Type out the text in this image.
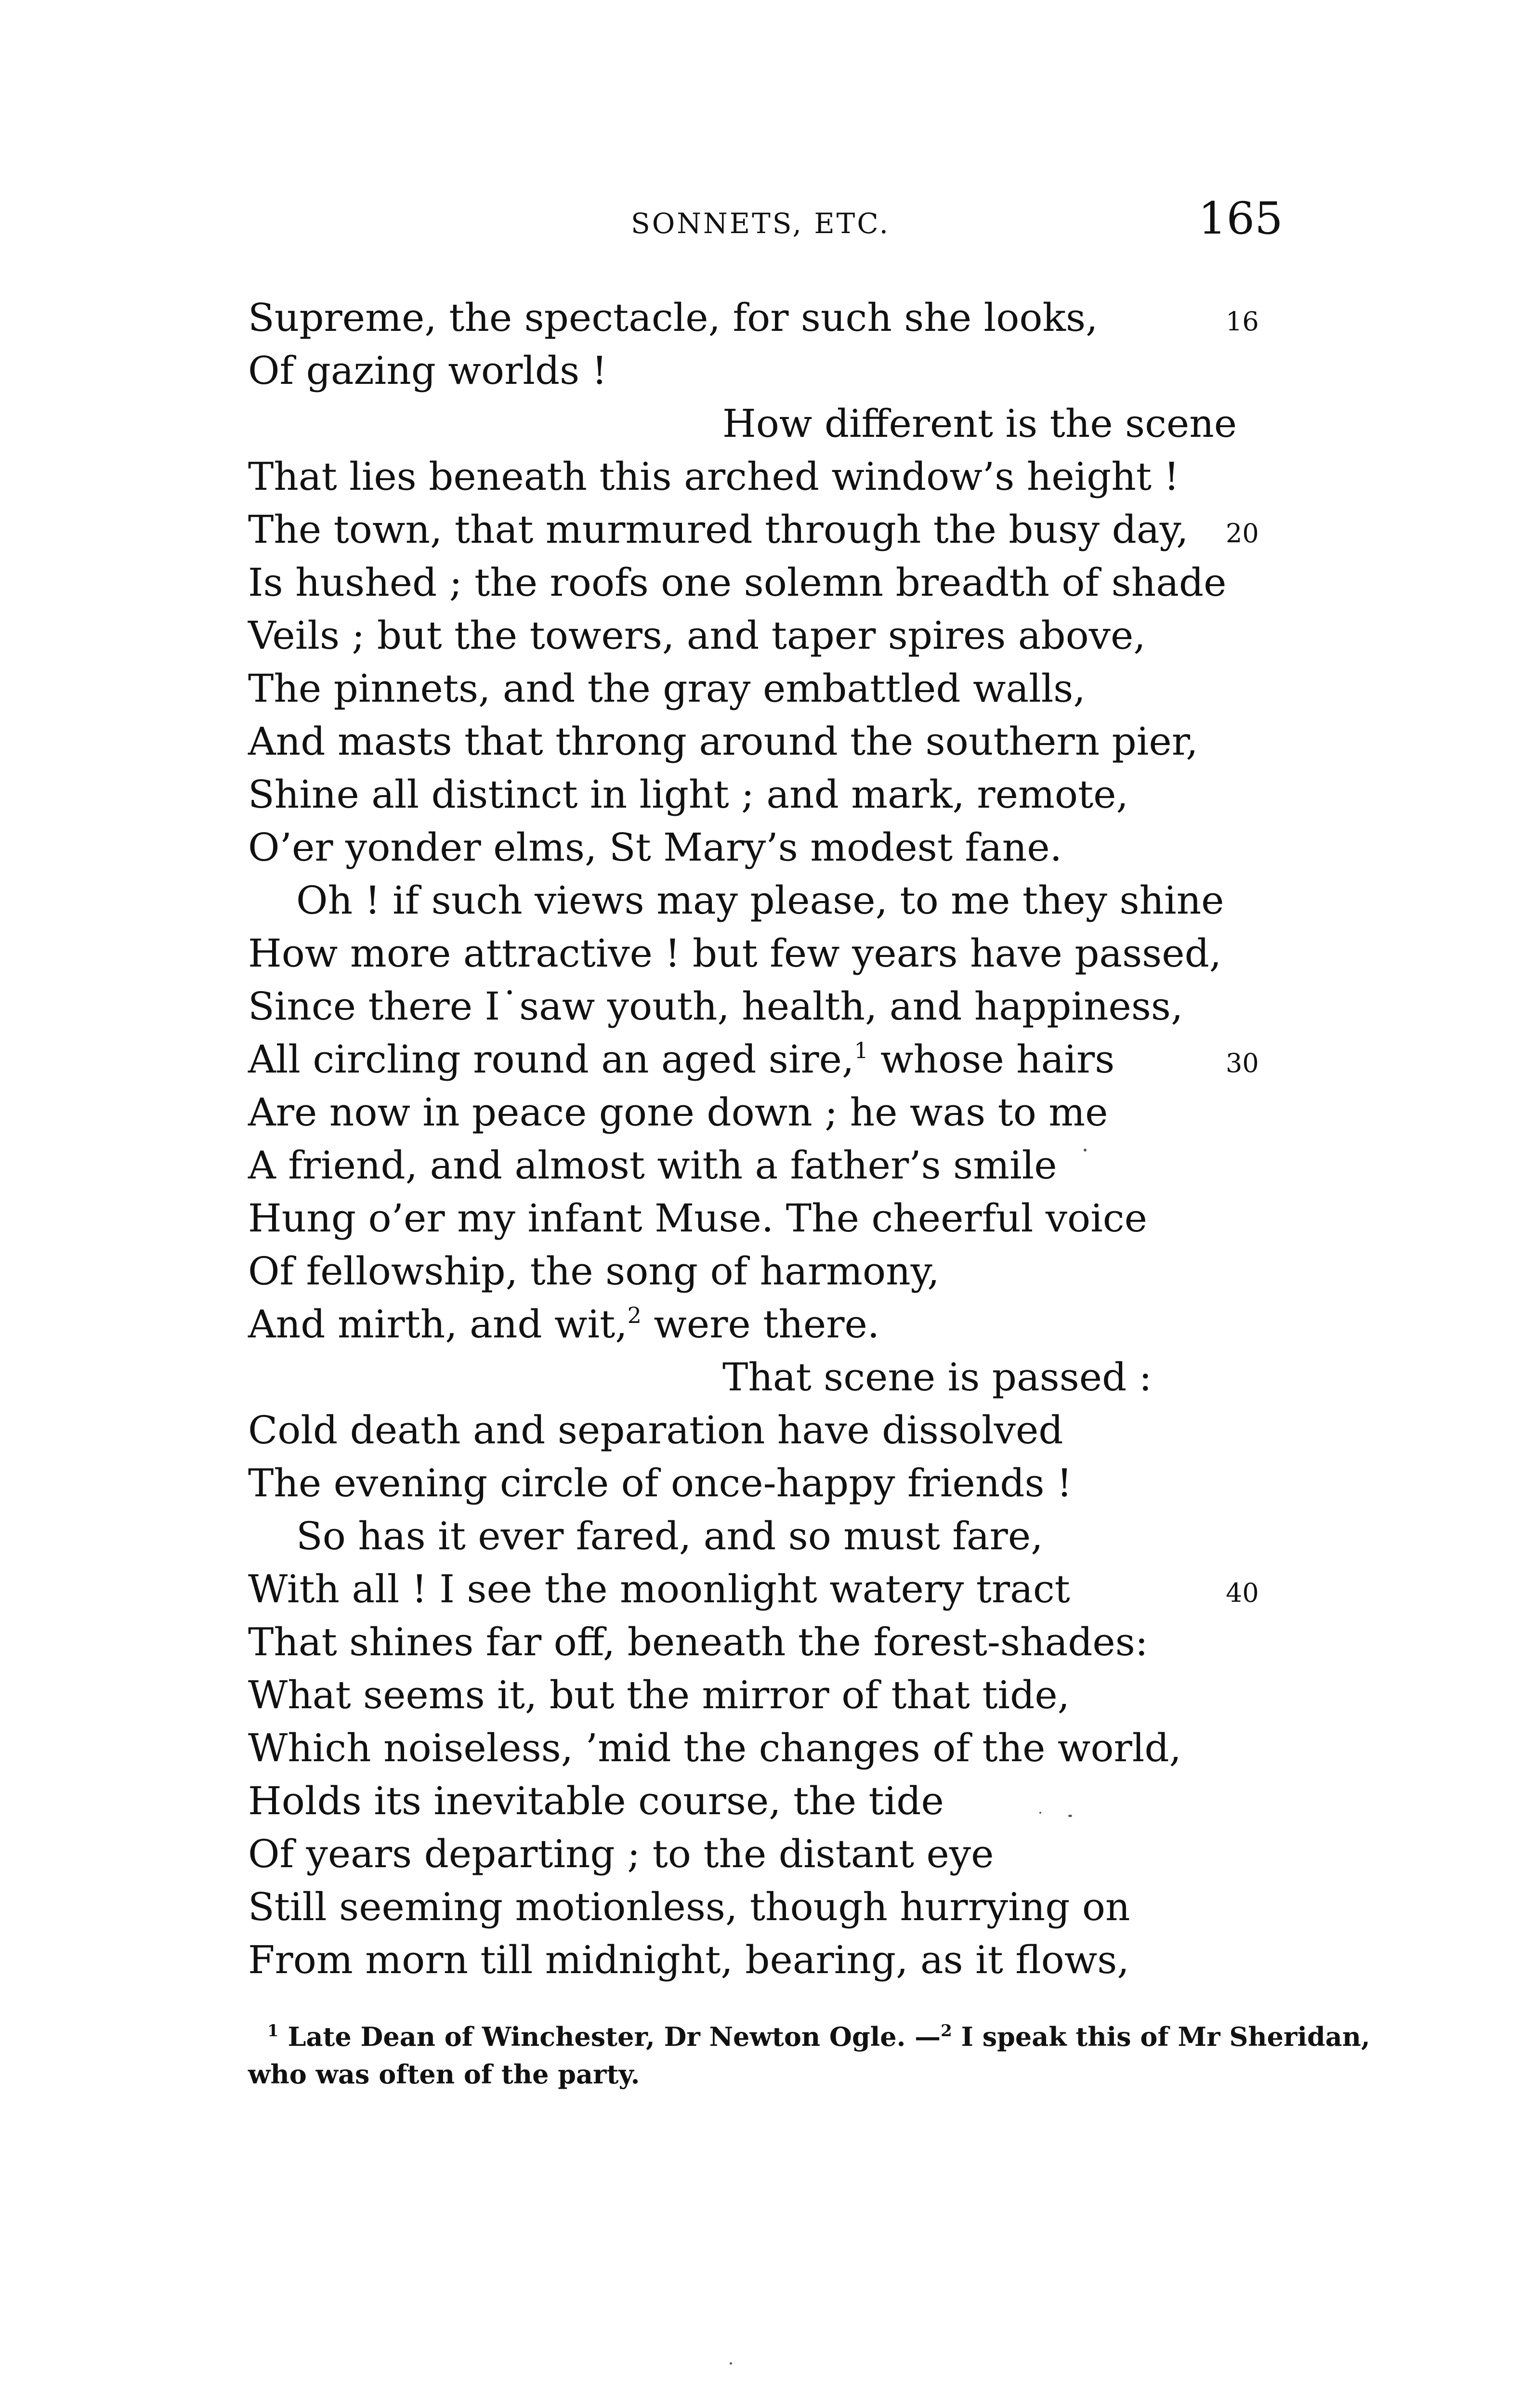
SONNETS, ETC.	165
Supreme, the spectacle, for such she looks,	16
Of gazing worlds !
How different is the scene
That lies beneath this arched window’s height !
The town, that murmured through the busy day, 20
Is hushed ; the roofs one solemn breadth of shade
Veils ; but the towers, and taper spires above,
The pinnets, and the gray embattled walls,
And masts that throng around the southern pier,
Shine all distinct in light ; and mark, remote,
O’er yonder elms, St Mary’s modest fane.
Oh ! if such views may please, to me they shine
How more attractive ! but few years have passed,
Since there I˙saw youth, health, and happiness,
All circling round an aged sire,$^1$ whose hairs	30
Are now in peace gone down ; he was to me
A friend, and almost with a father’s smile
Hung o’er my infant Muse. The cheerful voice
Of fellowship, the song of harmony,
And mirth, and wit,$^2$ were there.
That scene is passed :
Cold death and separation have dissolved
The evening circle of once-happy friends !
So has it ever fared, and so must fare,
With all ! I see the moonlight watery tract	40
That shines far off, beneath the forest-shades:
What seems it, but the mirror of that tide,
Which noiseless, ’mid the changes of the world,
Holds its inevitable course, the tide
Of years departing ; to the distant eye
Still seeming motionless, though hurrying on
From morn till midnight, bearing, as it flows,
$^1$ Late Dean of Winchester, Dr Newton Ogle. —$^2$ I speak this of Mr Sheridan,
who was often of the party.
